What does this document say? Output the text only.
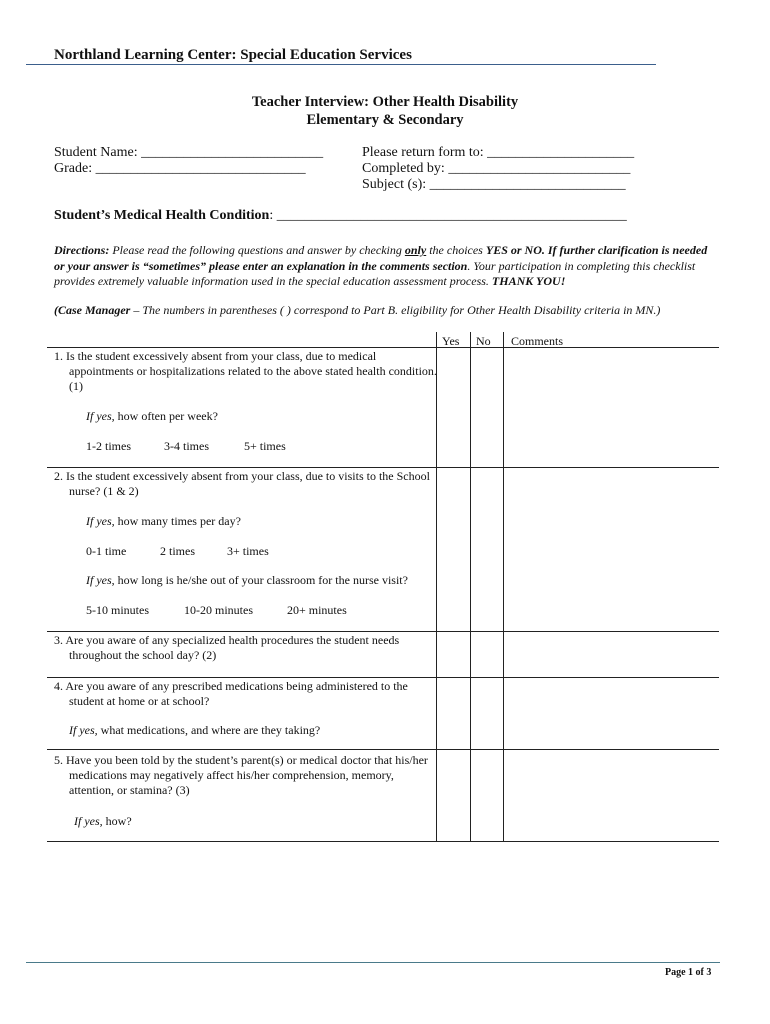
Northland Learning Center: Special Education Services
Teacher Interview: Other Health Disability
Elementary & Secondary
Student Name: __________________________
Grade: ______________________________
Please return form to: _____________________
Completed by: __________________________
Subject (s): ____________________________
Student’s Medical Health Condition: __________________________________________________
Directions: Please read the following questions and answer by checking only the choices YES or NO. If further clarification is needed or your answer is “sometimes” please enter an explanation in the comments section. Your participation in completing this checklist provides extremely valuable information used in the special education assessment process. THANK YOU!
(Case Manager – The numbers in parentheses ( ) correspond to Part B. eligibility for Other Health Disability criteria in MN.)
Yes No Comments
1. Is the student excessively absent from your class, due to medical appointments or hospitalizations related to the above stated health condition. (1)
If yes, how often per week?
1-2 times	3-4 times	5+ times
2. Is the student excessively absent from your class, due to visits to the School nurse? (1 & 2)
If yes, how many times per day?
0-1 time	2 times	3+ times
If yes, how long is he/she out of your classroom for the nurse visit?
5-10 minutes	10-20 minutes	20+ minutes
3. Are you aware of any specialized health procedures the student needs throughout the school day? (2)
4. Are you aware of any prescribed medications being administered to the student at home or at school?
If yes, what medications, and where are they taking?
5. Have you been told by the student’s parent(s) or medical doctor that his/her medications may negatively affect his/her comprehension, memory, attention, or stamina? (3)
If yes, how?
Page 1 of 3
